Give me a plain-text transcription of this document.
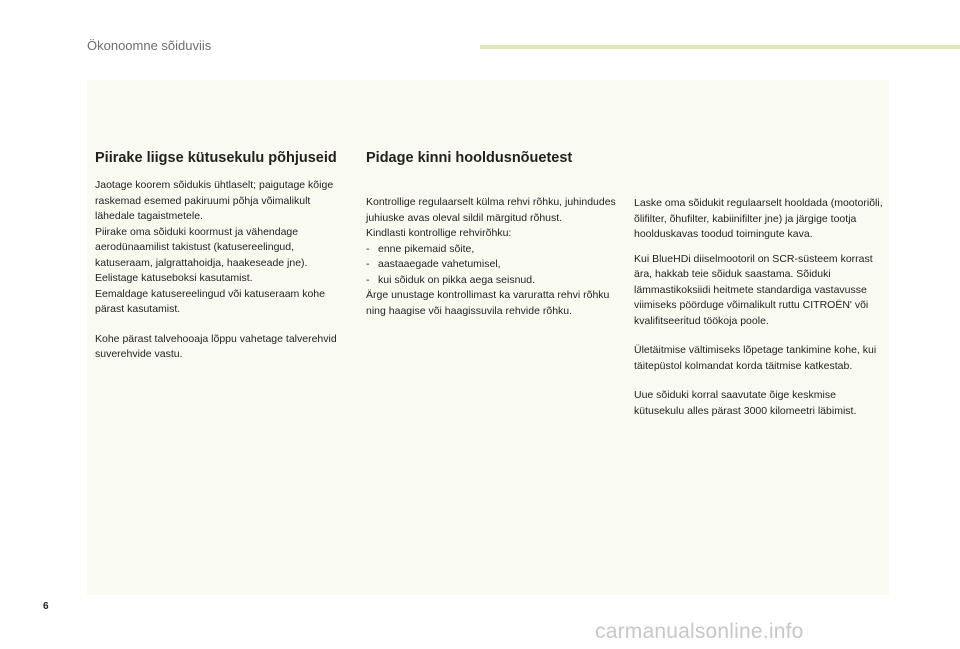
Ökonoomne sõiduviis
Piirake liigse kütusekulu põhjuseid

Jaotage koorem sõidukis ühtlaselt; paigutage kõige raskemad esemed pakiruumi põhja võimalikult lähedale tagaistmetele.

Piirake oma sõiduki koormust ja vähendage aerodünaamilist takistust (katusereelingud, katuseraam, jalgrattahoidja, haakeseade jne). Eelistage katuseboksi kasutamist.

Eemaldage katusereelingud või katuseraam kohe pärast kasutamist.

Kohe pärast talvehooaja lõppu vahetage talverehvid suverehvide vastu.

Pidage kinni hooldusnõuetest

Kontrollige regulaarselt külma rehvi rõhku, juhindudes juhiuske avas oleval sildil märgitud rõhust.

Kindlasti kontrollige rehvirõhku:

- enne pikemaid sõite,

- aastaaegade vahetumisel,

- kui sõiduk on pikka aega seisnud.

Ärge unustage kontrollimast ka varuratta rehvi rõhku ning haagise või haagissuvila rehvide rõhku.

Laske oma sõidukit regulaarselt hooldada (mootoriõli, õlifilter, õhufilter, kabiinifilter jne) ja järgige tootja hoolduskavas toodud toimingute kava.

Kui BlueHDi diiselmootoril on SCR-süsteem korrast ära, hakkab teie sõiduk saastama. Sõiduki lämmastikoksiidi heitmete standardiga vastavusse viimiseks pöörduge võimalikult ruttu CITROËN' või kvalifitseeritud töökoja poole.

Ületäitmise vältimiseks lõpetage tankimine kohe, kui täitepüstol kolmandat korda täitmise katkestab.

Uue sõiduki korral saavutate õige keskmise kütusekulu alles pärast 3000 kilomeetri läbimist.

6
carmanualsonline.info
